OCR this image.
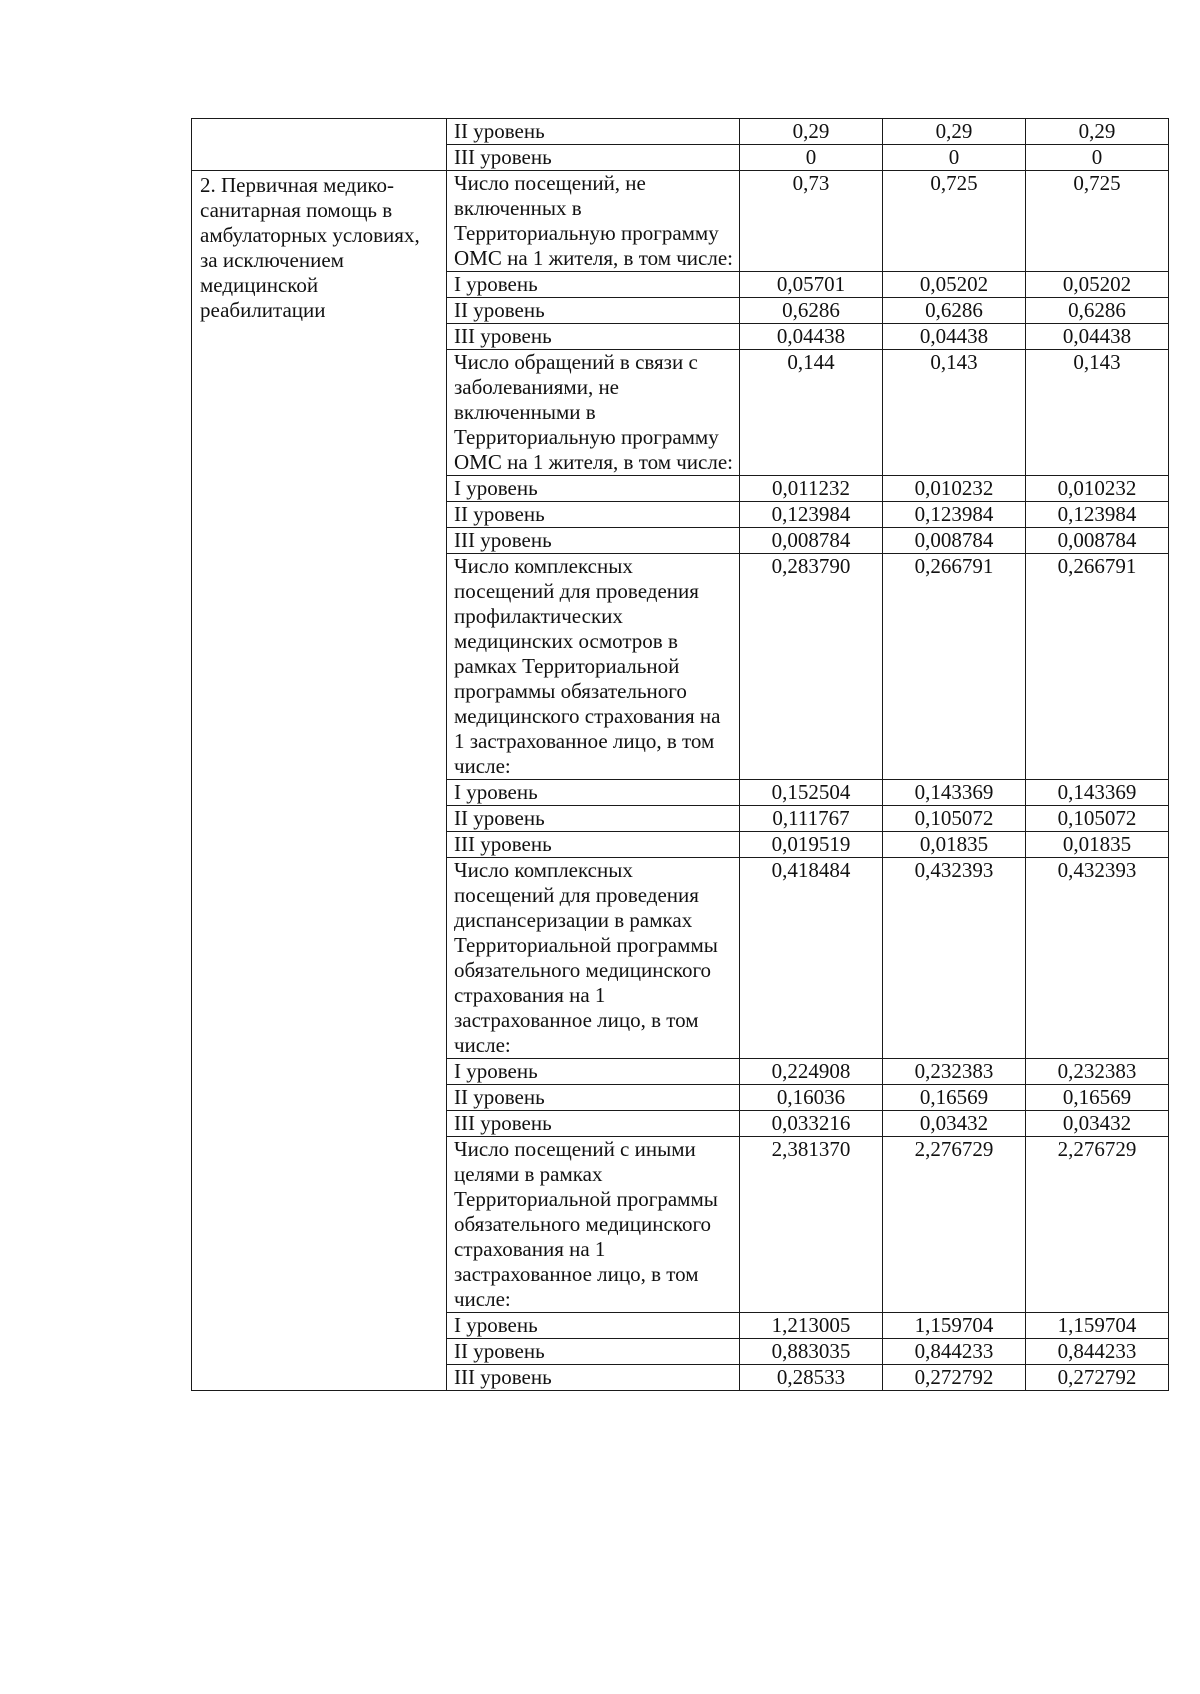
	II уровень	0,29	0,29	0,29
	III уровень	0	0	0
2. Первичная медико-санитарная помощь в амбулаторных условиях, за исключением медицинской реабилитации	Число посещений, не включенных в Территориальную программу ОМС на 1 жителя, в том числе:	0,73	0,725	0,725
	I уровень	0,05701	0,05202	0,05202
	II уровень	0,6286	0,6286	0,6286
	III уровень	0,04438	0,04438	0,04438
	Число обращений в связи с заболеваниями, не включенными в Территориальную программу ОМС на 1 жителя, в том числе:	0,144	0,143	0,143
	I уровень	0,011232	0,010232	0,010232
	II уровень	0,123984	0,123984	0,123984
	III уровень	0,008784	0,008784	0,008784
	Число комплексных посещений для проведения профилактических медицинских осмотров в рамках Территориальной программы обязательного медицинского страхования на 1 застрахованное лицо, в том числе:	0,283790	0,266791	0,266791
	I уровень	0,152504	0,143369	0,143369
	II уровень	0,111767	0,105072	0,105072
	III уровень	0,019519	0,01835	0,01835
	Число комплексных посещений для проведения диспансеризации в рамках Территориальной программы обязательного медицинского страхования на 1 застрахованное лицо, в том числе:	0,418484	0,432393	0,432393
	I уровень	0,224908	0,232383	0,232383
	II уровень	0,16036	0,16569	0,16569
	III уровень	0,033216	0,03432	0,03432
	Число посещений с иными целями в рамках Территориальной программы обязательного медицинского страхования на 1 застрахованное лицо, в том числе:	2,381370	2,276729	2,276729
	I уровень	1,213005	1,159704	1,159704
	II уровень	0,883035	0,844233	0,844233
	III уровень	0,28533	0,272792	0,272792
